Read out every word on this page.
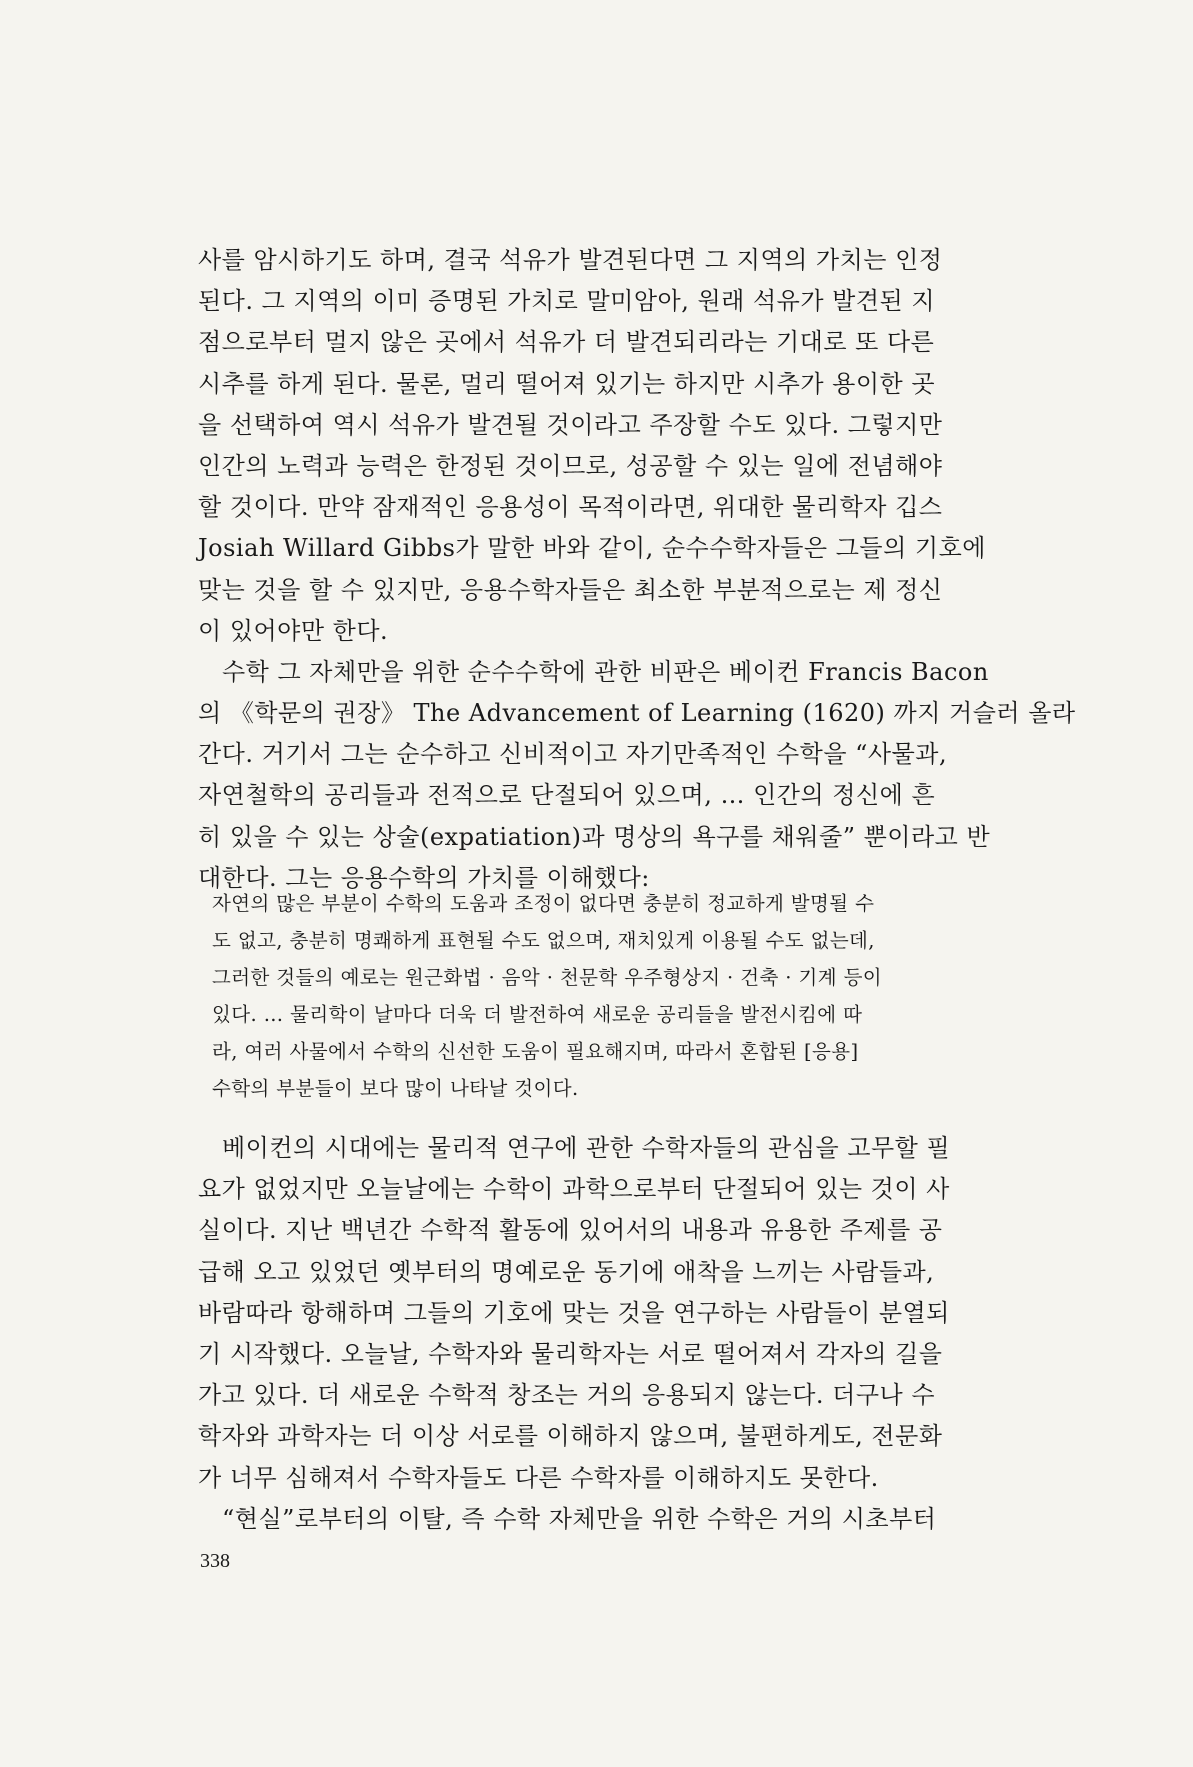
사를 암시하기도 하며, 결국 석유가 발견된다면 그 지역의 가치는 인정
된다. 그 지역의 이미 증명된 가치로 말미암아, 원래 석유가 발견된 지
점으로부터 멀지 않은 곳에서 석유가 더 발견되리라는 기대로 또 다른
시추를 하게 된다. 물론, 멀리 떨어져 있기는 하지만 시추가 용이한 곳
을 선택하여 역시 석유가 발견될 것이라고 주장할 수도 있다. 그렇지만
인간의 노력과 능력은 한정된 것이므로, 성공할 수 있는 일에 전념해야
할 것이다. 만약 잠재적인 응용성이 목적이라면, 위대한 물리학자 깁스
Josiah Willard Gibbs가 말한 바와 같이, 순수수학자들은 그들의 기호에
맞는 것을 할 수 있지만, 응용수학자들은 최소한 부분적으로는 제 정신
이 있어야만 한다.
수학 그 자체만을 위한 순수수학에 관한 비판은 베이컨 Francis Bacon
의 《학문의 권장》 The Advancement of Learning (1620) 까지 거슬러 올라
간다. 거기서 그는 순수하고 신비적이고 자기만족적인 수학을 “사물과,
자연철학의 공리들과 전적으로 단절되어 있으며, … 인간의 정신에 흔
히 있을 수 있는 상술(expatiation)과 명상의 욕구를 채워줄” 뿐이라고 반
대한다. 그는 응용수학의 가치를 이해했다:
자연의 많은 부분이 수학의 도움과 조정이 없다면 충분히 정교하게 발명될 수
도 없고, 충분히 명쾌하게 표현될 수도 없으며, 재치있게 이용될 수도 없는데,
그러한 것들의 예로는 원근화법 · 음악 · 천문학 우주형상지 · 건축 · 기계 등이
있다. … 물리학이 날마다 더욱 더 발전하여 새로운 공리들을 발전시킴에 따
라, 여러 사물에서 수학의 신선한 도움이 필요해지며, 따라서 혼합된 [응용]
수학의 부분들이 보다 많이 나타날 것이다.
베이컨의 시대에는 물리적 연구에 관한 수학자들의 관심을 고무할 필
요가 없었지만 오늘날에는 수학이 과학으로부터 단절되어 있는 것이 사
실이다. 지난 백년간 수학적 활동에 있어서의 내용과 유용한 주제를 공
급해 오고 있었던 옛부터의 명예로운 동기에 애착을 느끼는 사람들과,
바람따라 항해하며 그들의 기호에 맞는 것을 연구하는 사람들이 분열되
기 시작했다. 오늘날, 수학자와 물리학자는 서로 떨어져서 각자의 길을
가고 있다. 더 새로운 수학적 창조는 거의 응용되지 않는다. 더구나 수
학자와 과학자는 더 이상 서로를 이해하지 않으며, 불편하게도, 전문화
가 너무 심해져서 수학자들도 다른 수학자를 이해하지도 못한다.
“현실”로부터의 이탈, 즉 수학 자체만을 위한 수학은 거의 시초부터
338
